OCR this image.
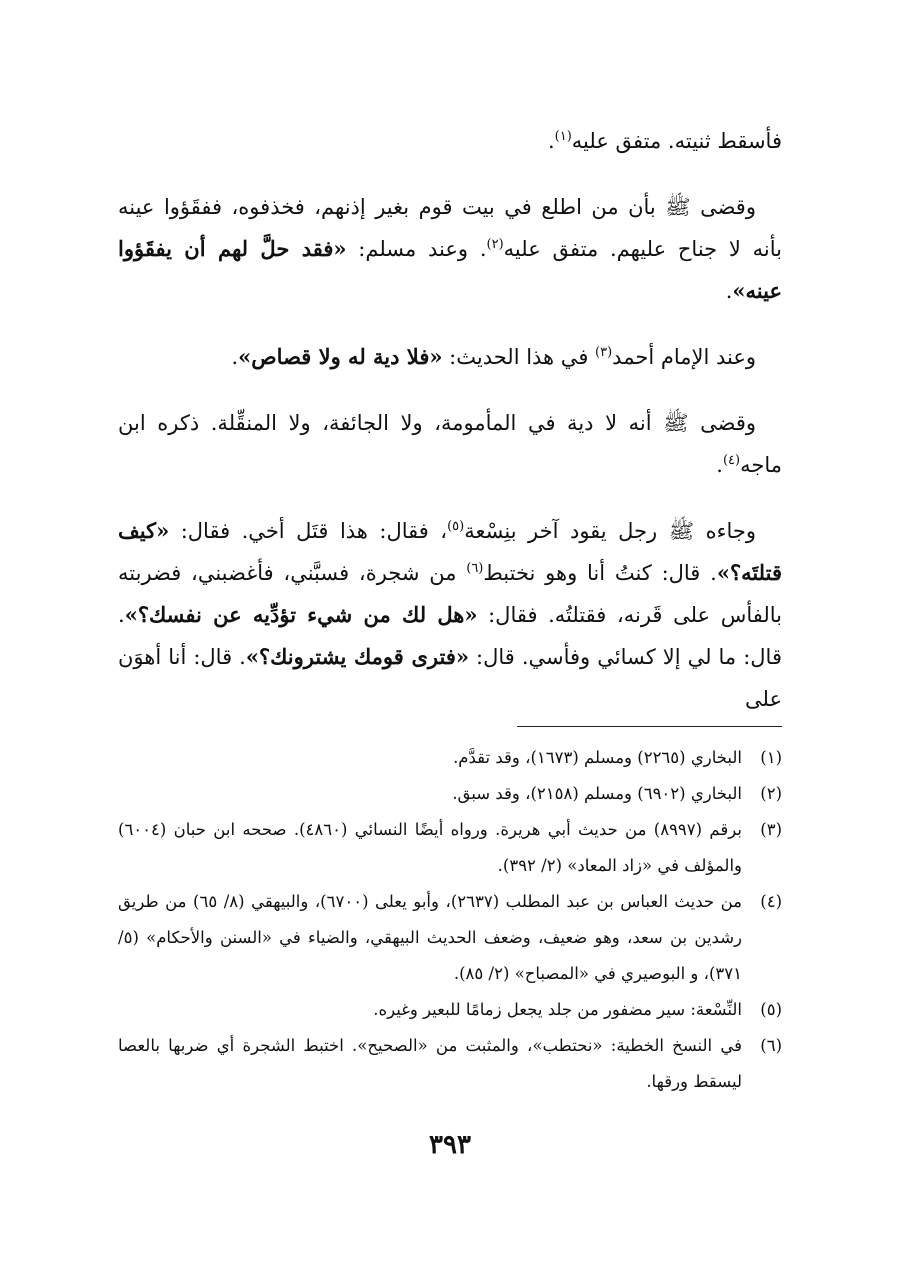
فأسقط ثنيته. متفق عليه$^{(١)}$.

وقضى ﷺ بأن من اطلع في بيت قوم بغير إذنهم، فخذفوه، ففقَؤوا عينه بأنه لا جناح عليهم. متفق عليه$^{(٢)}$. وعند مسلم: «فقد حلَّ لهم أن يفقَؤوا عينه».

وعند الإمام أحمد$^{(٣)}$ في هذا الحديث: «فلا دية له ولا قصاص».

وقضى ﷺ أنه لا دية في المأمومة، ولا الجائفة، ولا المنقِّلة. ذكره ابن ماجه$^{(٤)}$.

وجاءه ﷺ رجل يقود آخر بنِسْعة$^{(٥)}$، فقال: هذا قتَل أخي. فقال: «كيف قتلتَه؟». قال: كنتُ أنا وهو نختبط$^{(٦)}$ من شجرة، فسبَّني، فأغضبني، فضربته بالفأس على قَرنه، فقتلتُه. فقال: «هل لك من شيء تؤدِّيه عن نفسك؟». قال: ما لي إلا كسائي وفأسي. قال: «فترى قومك يشترونك؟». قال: أنا أهوَن على

(١)
البخاري (٢٢٦٥) ومسلم (١٦٧٣)، وقد تقدَّم.
(٢)
البخاري (٦٩٠٢) ومسلم (٢١٥٨)، وقد سبق.
(٣)
برقم (٨٩٩٧) من حديث أبي هريرة. ورواه أيضًا النسائي (٤٨٦٠). صححه ابن حبان (٦٠٠٤) والمؤلف في «زاد المعاد» (٢/ ٣٩٢).
(٤)
من حديث العباس بن عبد المطلب (٢٦٣٧)، وأبو يعلى (٦٧٠٠)، والبيهقي (٨/ ٦٥) من طريق رشدين بن سعد، وهو ضعيف، وضعف الحديث البيهقي، والضياء في «السنن والأحكام» (٥/ ٣٧١)، و البوصيري في «المصباح» (٢/ ٨٥).
(٥)
النِّسْعة: سير مضفور من جلد يجعل زمامًا للبعير وغيره.
(٦)
في النسخ الخطية: «نحتطب»، والمثبت من «الصحيح». اختبط الشجرة أي ضربها بالعصا ليسقط ورقها.
٣٩٣
